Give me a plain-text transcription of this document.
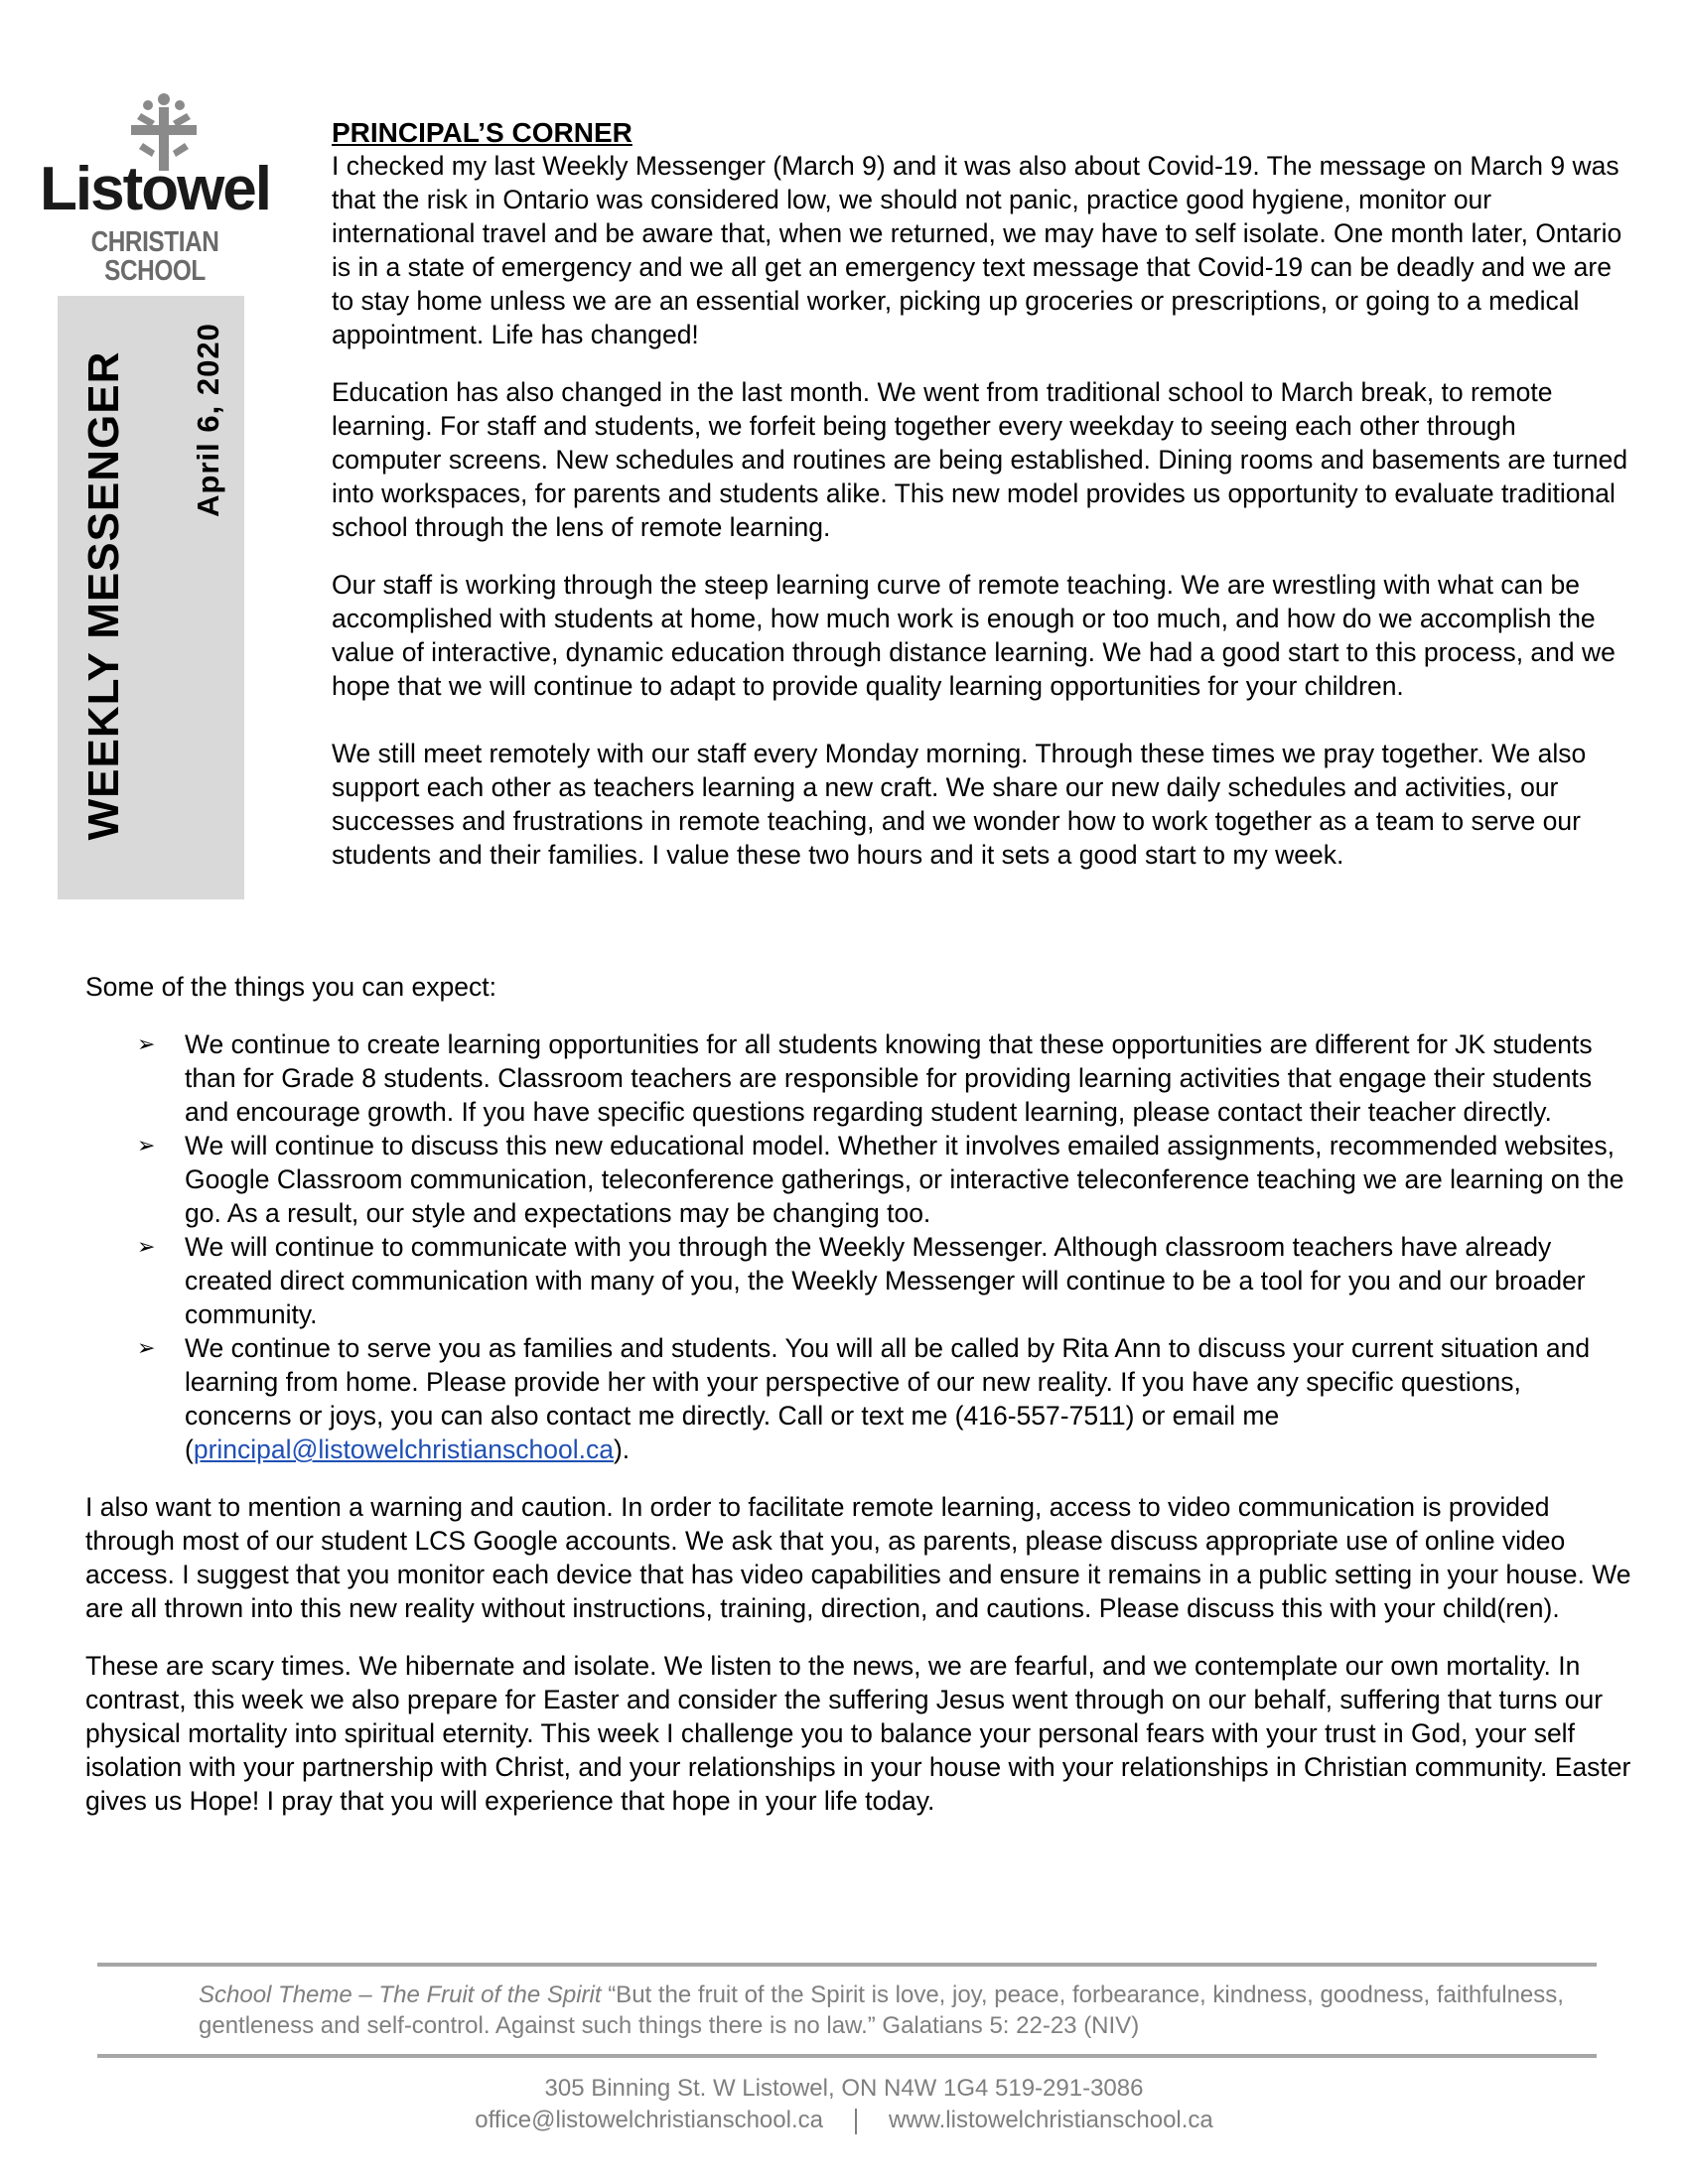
Listowel
CHRISTIAN SCHOOL
WEEKLY MESSENGER April 6, 2020
PRINCIPAL’S CORNER

I checked my last Weekly Messenger (March 9) and it was also about Covid-19. The message on March 9 was that the risk in Ontario was considered low, we should not panic, practice good hygiene, monitor our international travel and be aware that, when we returned, we may have to self isolate. One month later, Ontario is in a state of emergency and we all get an emergency text message that Covid-19 can be deadly and we are to stay home unless we are an essential worker, picking up groceries or prescriptions, or going to a medical appointment. Life has changed!

Education has also changed in the last month. We went from traditional school to March break, to remote learning. For staff and students, we forfeit being together every weekday to seeing each other through computer screens. New schedules and routines are being established. Dining rooms and basements are turned into workspaces, for parents and students alike. This new model provides us opportunity to evaluate traditional school through the lens of remote learning.

Our staff is working through the steep learning curve of remote teaching. We are wrestling with what can be accomplished with students at home, how much work is enough or too much, and how do we accomplish the value of interactive, dynamic education through distance learning. We had a good start to this process, and we hope that we will continue to adapt to provide quality learning opportunities for your children.

We still meet remotely with our staff every Monday morning. Through these times we pray together. We also support each other as teachers learning a new craft. We share our new daily schedules and activities, our successes and frustrations in remote teaching, and we wonder how to work together as a team to serve our students and their families. I value these two hours and it sets a good start to my week.

Some of the things you can expect:

➢ We continue to create learning opportunities for all students knowing that these opportunities are different for JK students than for Grade 8 students. Classroom teachers are responsible for providing learning activities that engage their students and encourage growth. If you have specific questions regarding student learning, please contact their teacher directly.
➢ We will continue to discuss this new educational model. Whether it involves emailed assignments, recommended websites, Google Classroom communication, teleconference gatherings, or interactive teleconference teaching we are learning on the go. As a result, our style and expectations may be changing too.
➢ We will continue to communicate with you through the Weekly Messenger. Although classroom teachers have already created direct communication with many of you, the Weekly Messenger will continue to be a tool for you and our broader community.
➢ We continue to serve you as families and students. You will all be called by Rita Ann to discuss your current situation and learning from home. Please provide her with your perspective of our new reality. If you have any specific questions, concerns or joys, you can also contact me directly. Call or text me (416-557-7511) or email me (principal@listowelchristianschool.ca).

I also want to mention a warning and caution. In order to facilitate remote learning, access to video communication is provided through most of our student LCS Google accounts. We ask that you, as parents, please discuss appropriate use of online video access. I suggest that you monitor each device that has video capabilities and ensure it remains in a public setting in your house. We are all thrown into this new reality without instructions, training, direction, and cautions. Please discuss this with your child(ren).

These are scary times. We hibernate and isolate. We listen to the news, we are fearful, and we contemplate our own mortality. In contrast, this week we also prepare for Easter and consider the suffering Jesus went through on our behalf, suffering that turns our physical mortality into spiritual eternity. This week I challenge you to balance your personal fears with your trust in God, your self isolation with your partnership with Christ, and your relationships in your house with your relationships in Christian community. Easter gives us Hope! I pray that you will experience that hope in your life today.

School Theme – The Fruit of the Spirit “But the fruit of the Spirit is love, joy, peace, forbearance, kindness, goodness, faithfulness, gentleness and self-control. Against such things there is no law.” Galatians 5: 22-23 (NIV)
305 Binning St. W Listowel, ON N4W 1G4 519-291-3086
office@listowelchristianschool.ca	www.listowelchristianschool.ca
